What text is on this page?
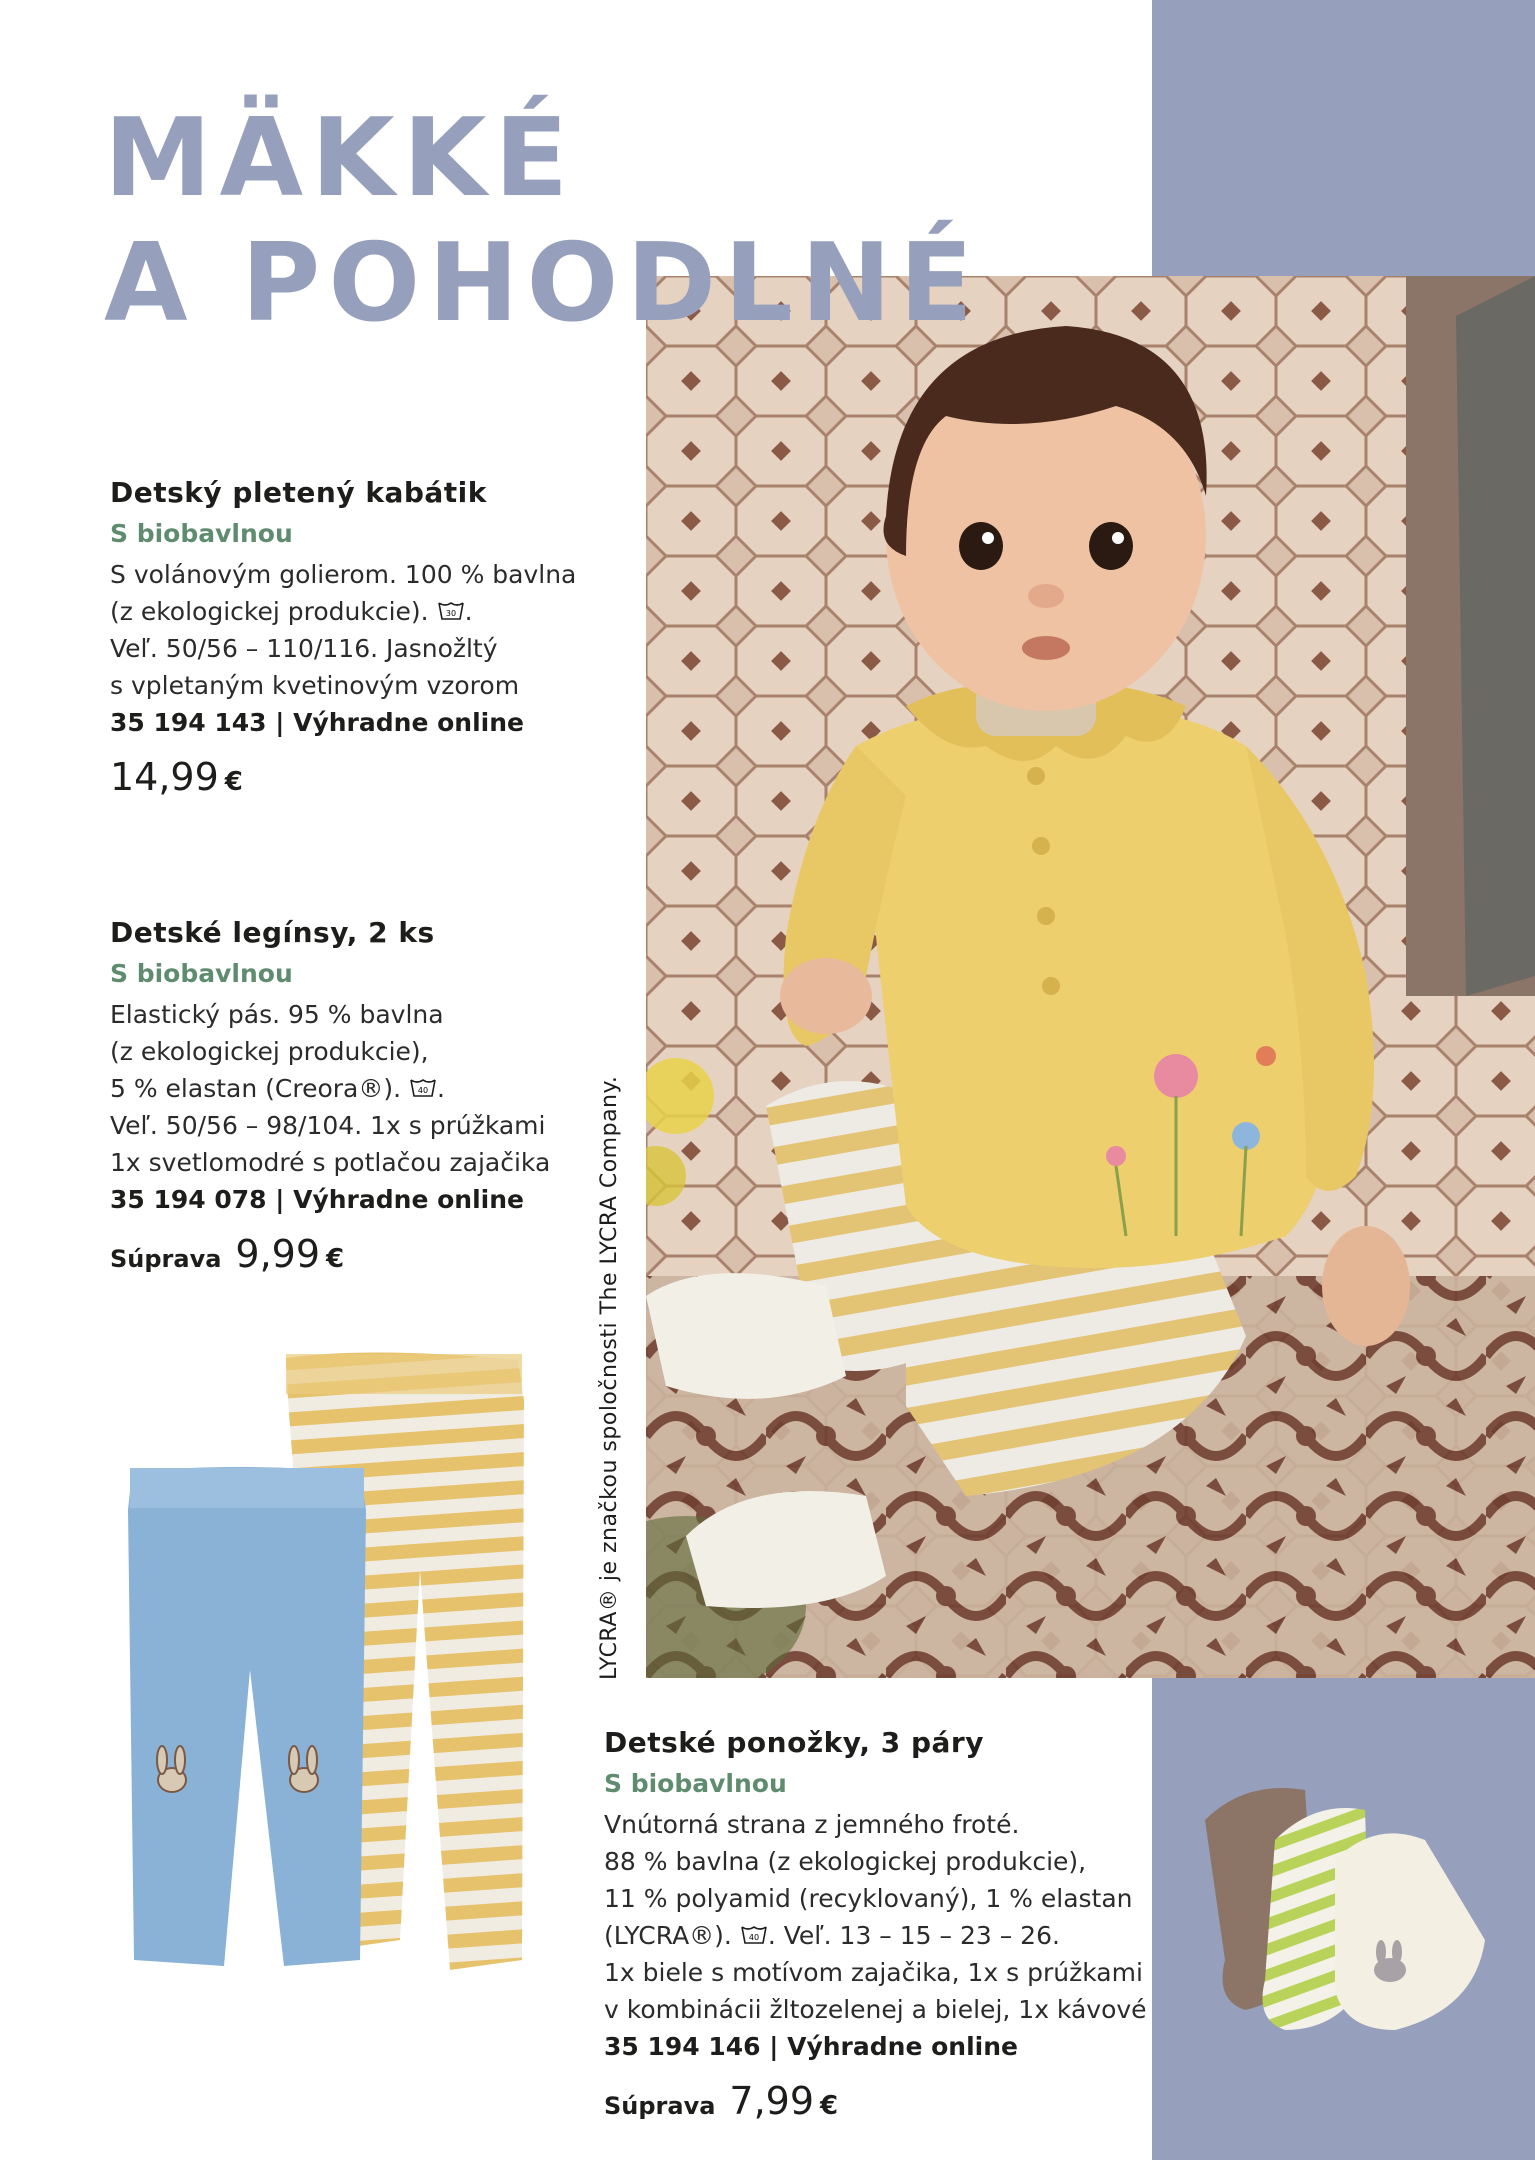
MÄKKÉ
A POHODLNÉ

Detský pletený kabátik

S biobavlnou

S volánovým golierom. 100 % bavlna

(z ekologickej produkcie). 30 .

Veľ. 50/56 – 110/116. Jasnožltý

s vpletaným kvetinovým vzorom

35 194 143 | Výhradne online

14,99 €

Detské legínsy, 2 ks

S biobavlnou

Elastický pás. 95 % bavlna

(z ekologickej produkcie),

5 % elastan (Creora®). 40 .

Veľ. 50/56 – 98/104. 1x s prúžkami

1x svetlomodré s potlačou zajačika

35 194 078 | Výhradne online

Súprava 9,99 €	LYCRA® je značkou spoločnosti The LYCRA Company.

Detské ponožky, 3 páry

S biobavlnou

Vnútorná strana z jemného froté.

88 % bavlna (z ekologickej produkcie),

11 % polyamid (recyklovaný), 1 % elastan

(LYCRA®). 40 . Veľ. 13 – 15 – 23 – 26.

1x biele s motívom zajačika, 1x s prúžkami

v kombinácii žltozelenej a bielej, 1x kávové

35 194 146 | Výhradne online

Súprava 7,99 €
